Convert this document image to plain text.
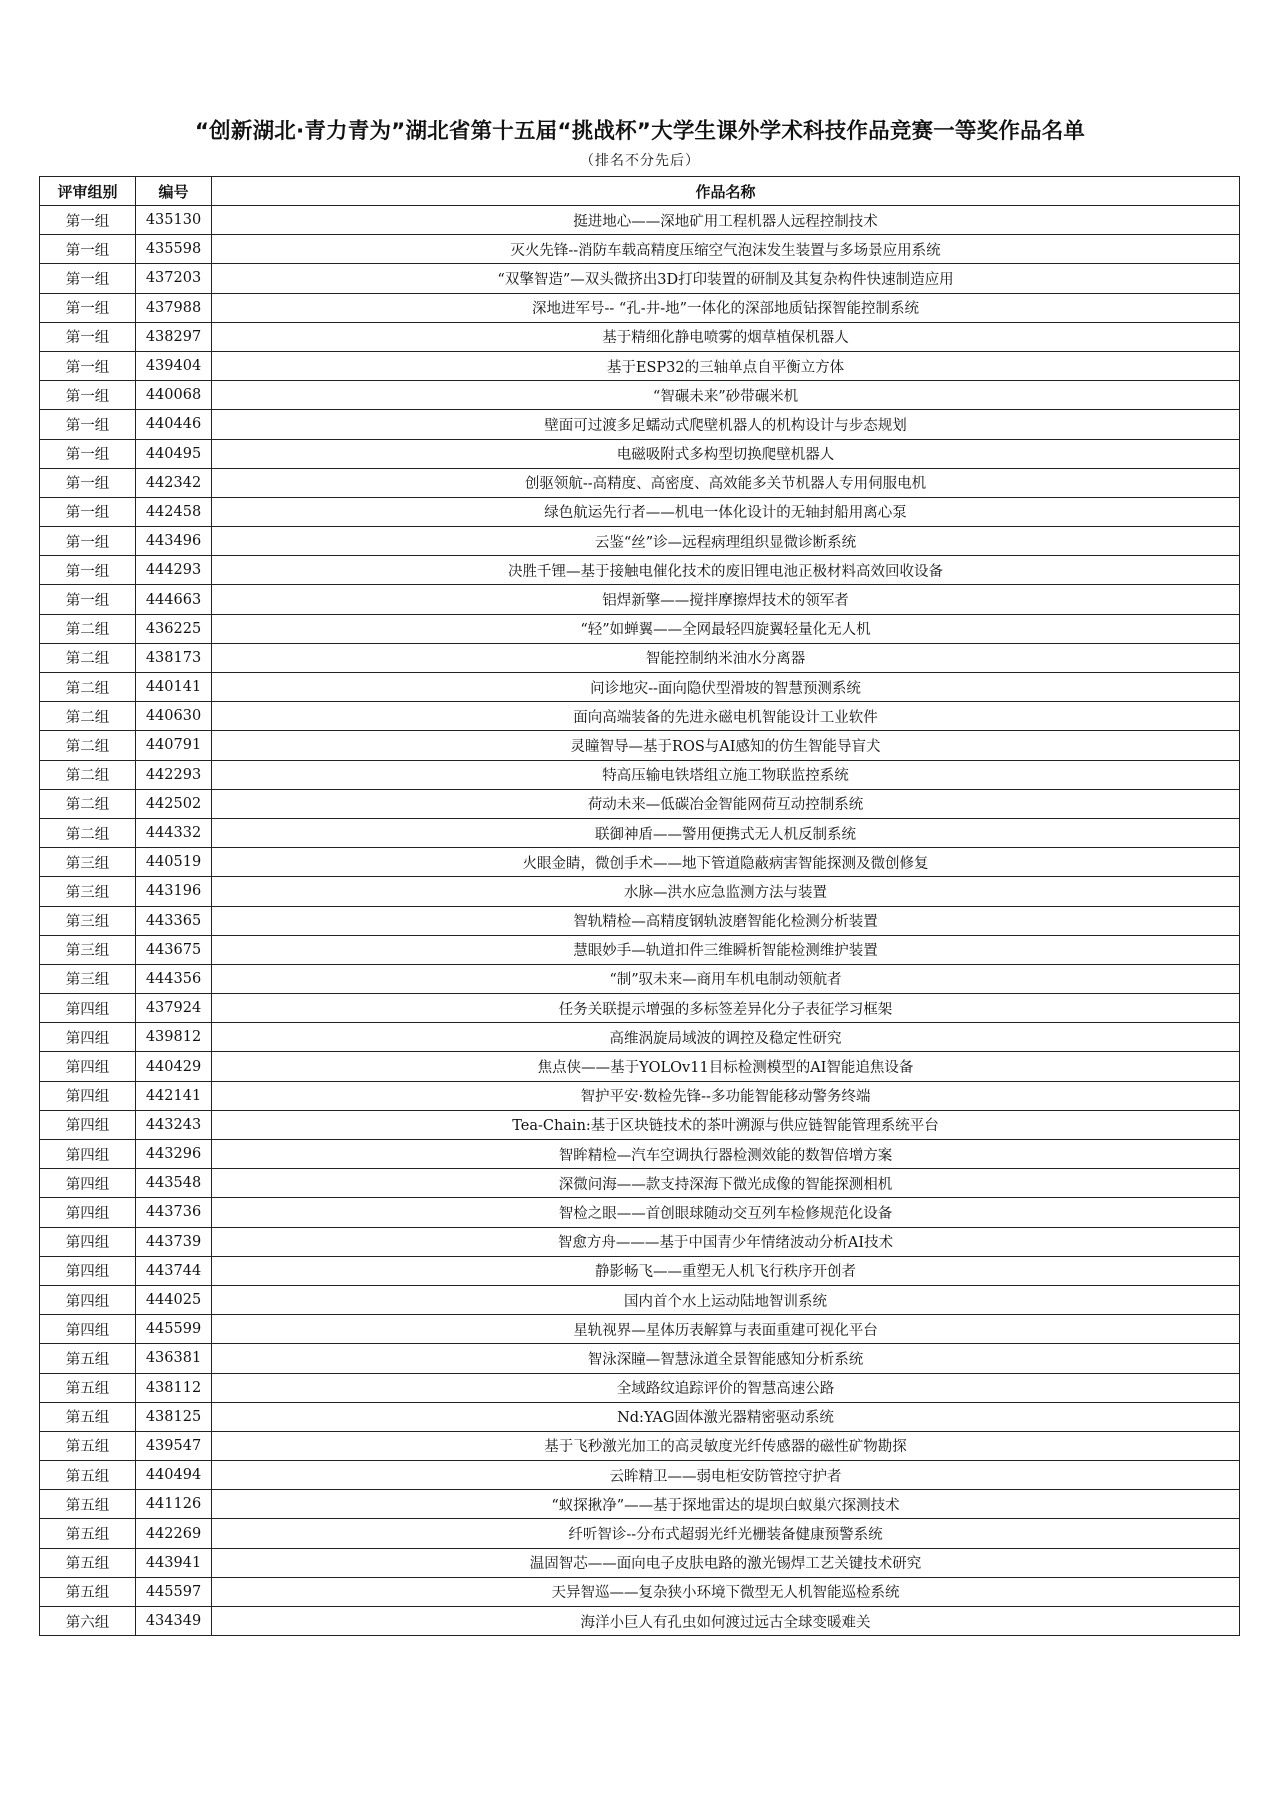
“创新湖北·青力青为”湖北省第十五届“挑战杯”大学生课外学术科技作品竞赛一等奖作品名单
（排名不分先后）
评审组别	编号	作品名称
第一组	435130	挺进地心——深地矿用工程机器人远程控制技术
第一组	435598	灭火先锋--消防车载高精度压缩空气泡沫发生装置与多场景应用系统
第一组	437203	“双擎智造”—双头微挤出3D打印装置的研制及其复杂构件快速制造应用
第一组	437988	深地进军号-- “孔-井-地”一体化的深部地质钻探智能控制系统
第一组	438297	基于精细化静电喷雾的烟草植保机器人
第一组	439404	基于ESP32的三轴单点自平衡立方体
第一组	440068	“智碾未来”砂带碾米机
第一组	440446	壁面可过渡多足蠕动式爬壁机器人的机构设计与步态规划
第一组	440495	电磁吸附式多构型切换爬壁机器人
第一组	442342	创驱领航--高精度、高密度、高效能多关节机器人专用伺服电机
第一组	442458	绿色航运先行者——机电一体化设计的无轴封船用离心泵
第一组	443496	云鉴“丝”诊—远程病理组织显微诊断系统
第一组	444293	决胜千锂—基于接触电催化技术的废旧锂电池正极材料高效回收设备
第一组	444663	铝焊新擎——搅拌摩擦焊技术的领军者
第二组	436225	“轻”如蝉翼——全网最轻四旋翼轻量化无人机
第二组	438173	智能控制纳米油水分离器
第二组	440141	问诊地灾--面向隐伏型滑坡的智慧预测系统
第二组	440630	面向高端装备的先进永磁电机智能设计工业软件
第二组	440791	灵瞳智导—基于ROS与AI感知的仿生智能导盲犬
第二组	442293	特高压输电铁塔组立施工物联监控系统
第二组	442502	荷动未来—低碳冶金智能网荷互动控制系统
第二组	444332	联御神盾——警用便携式无人机反制系统
第三组	440519	火眼金睛，微创手术——地下管道隐蔽病害智能探测及微创修复
第三组	443196	水脉—洪水应急监测方法与装置
第三组	443365	智轨精检—高精度钢轨波磨智能化检测分析装置
第三组	443675	慧眼妙手—轨道扣件三维瞬析智能检测维护装置
第三组	444356	“制”驭未来—商用车机电制动领航者
第四组	437924	任务关联提示增强的多标签差异化分子表征学习框架
第四组	439812	高维涡旋局域波的调控及稳定性研究
第四组	440429	焦点侠——基于YOLOv11目标检测模型的AI智能追焦设备
第四组	442141	智护平安·数检先锋--多功能智能移动警务终端
第四组	443243	Tea-Chain:基于区块链技术的茶叶溯源与供应链智能管理系统平台
第四组	443296	智眸精检—汽车空调执行器检测效能的数智倍增方案
第四组	443548	深微问海——款支持深海下微光成像的智能探测相机
第四组	443736	智检之眼——首创眼球随动交互列车检修规范化设备
第四组	443739	智愈方舟———基于中国青少年情绪波动分析AI技术
第四组	443744	静影畅飞——重塑无人机飞行秩序开创者
第四组	444025	国内首个水上运动陆地智训系统
第四组	445599	星轨视界—星体历表解算与表面重建可视化平台
第五组	436381	智泳深瞳—智慧泳道全景智能感知分析系统
第五组	438112	全域路纹追踪评价的智慧高速公路
第五组	438125	Nd:YAG固体激光器精密驱动系统
第五组	439547	基于飞秒激光加工的高灵敏度光纤传感器的磁性矿物勘探
第五组	440494	云眸精卫——弱电柜安防管控守护者
第五组	441126	“蚁探揪净”——基于探地雷达的堤坝白蚁巢穴探测技术
第五组	442269	纤听智诊--分布式超弱光纤光栅装备健康预警系统
第五组	443941	温固智芯——面向电子皮肤电路的激光锡焊工艺关键技术研究
第五组	445597	天异智巡——复杂狭小环境下微型无人机智能巡检系统
第六组	434349	海洋小巨人有孔虫如何渡过远古全球变暖难关
